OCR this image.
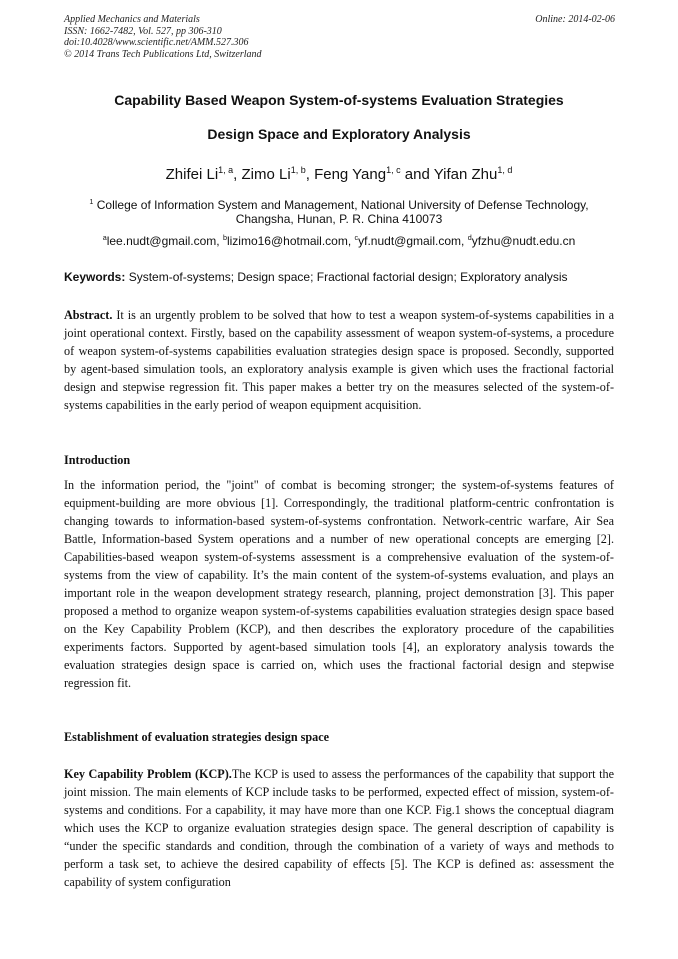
Applied Mechanics and Materials
ISSN: 1662-7482, Vol. 527, pp 306-310
doi:10.4028/www.scientific.net/AMM.527.306
© 2014 Trans Tech Publications Ltd, Switzerland
Online: 2014-02-06
Capability Based Weapon System-of-systems Evaluation Strategies
Design Space and Exploratory Analysis
Zhifei Li$^{1, a}$, Zimo Li$^{1, b}$, Feng Yang$^{1, c}$ and Yifan Zhu$^{1, d}$
$^1$ College of Information System and Management, National University of Defense Technology,
Changsha, Hunan, P. R. China 410073
$^a$lee.nudt@gmail.com, $^b$lizimo16@hotmail.com, $^c$yf.nudt@gmail.com, $^d$yfzhu@nudt.edu.cn
Keywords: System-of-systems; Design space; Fractional factorial design; Exploratory analysis
Abstract. It is an urgently problem to be solved that how to test a weapon system-of-systems capabilities in a joint operational context. Firstly, based on the capability assessment of weapon system-of-systems, a procedure of weapon system-of-systems capabilities evaluation strategies design space is proposed. Secondly, supported by agent-based simulation tools, an exploratory analysis example is given which uses the fractional factorial design and stepwise regression fit. This paper makes a better try on the measures selected of the system-of-systems capabilities in the early period of weapon equipment acquisition.
Introduction
In the information period, the "joint" of combat is becoming stronger; the system-of-systems features of equipment-building are more obvious [1]. Correspondingly, the traditional platform-centric confrontation is changing towards to information-based system-of-systems confrontation. Network-centric warfare, Air Sea Battle, Information-based System operations and a number of new operational concepts are emerging [2]. Capabilities-based weapon system-of-systems assessment is a comprehensive evaluation of the system-of-systems from the view of capability. It’s the main content of the system-of-systems evaluation, and plays an important role in the weapon development strategy research, planning, project demonstration [3]. This paper proposed a method to organize weapon system-of-systems capabilities evaluation strategies design space based on the Key Capability Problem (KCP), and then describes the exploratory procedure of the capabilities experiments factors. Supported by agent-based simulation tools [4], an exploratory analysis towards the evaluation strategies design space is carried on, which uses the fractional factorial design and stepwise regression fit.
Establishment of evaluation strategies design space
Key Capability Problem (KCP).The KCP is used to assess the performances of the capability that support the joint mission. The main elements of KCP include tasks to be performed, expected effect of mission, system-of-systems and conditions. For a capability, it may have more than one KCP. Fig.1 shows the conceptual diagram which uses the KCP to organize evaluation strategies design space. The general description of capability is “under the specific standards and condition, through the combination of a variety of ways and methods to perform a task set, to achieve the desired capability of effects [5]. The KCP is defined as: assessment the capability of system configuration
